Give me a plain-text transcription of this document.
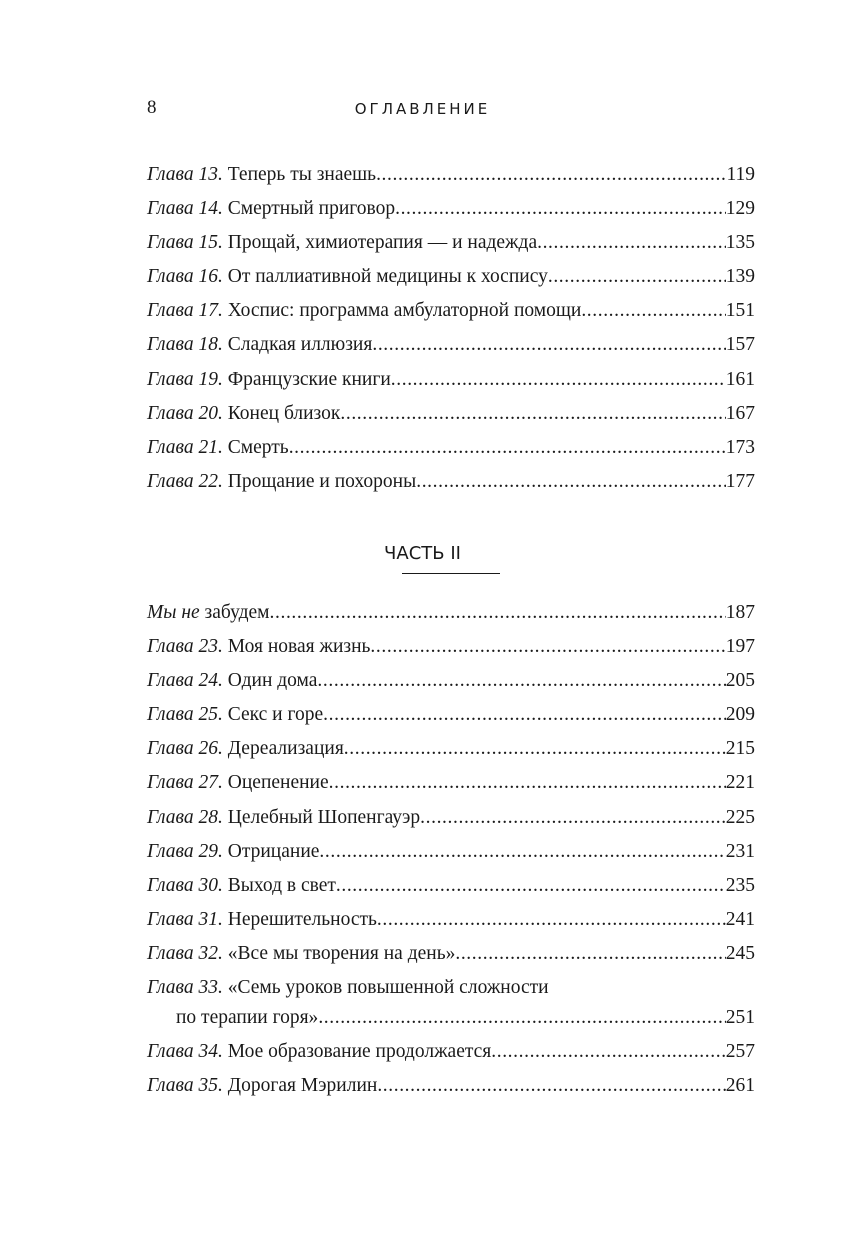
8	ОГЛАВЛЕНИЕ
Глава 13. Теперь ты знаешь .....	119
Глава 14. Смертный приговор .....	129
Глава 15. Прощай, химиотерапия — и надежда .....	135
Глава 16. От паллиативной медицины к хоспису .....	139
Глава 17. Хоспис: программа амбулаторной помощи .....	151
Глава 18. Сладкая иллюзия .....	157
Глава 19. Французские книги .....	161
Глава 20. Конец близок .....	167
Глава 21. Смерть .....	173
Глава 22. Прощание и похороны .....	177
ЧАСТЬ II
Мы не забудем .....	187
Глава 23. Моя новая жизнь .....	197
Глава 24. Один дома .....	205
Глава 25. Секс и горе .....	209
Глава 26. Дереализация .....	215
Глава 27. Оцепенение .....	221
Глава 28. Целебный Шопенгауэр .....	225
Глава 29. Отрицание .....	231
Глава 30. Выход в свет .....	235
Глава 31. Нерешительность .....	241
Глава 32. «Все мы творения на день» .....	245
Глава 33. «Семь уроков повышенной сложности
по терапии горя» .....	251
Глава 34. Мое образование продолжается .....	257
Глава 35. Дорогая Мэрилин .....	261
